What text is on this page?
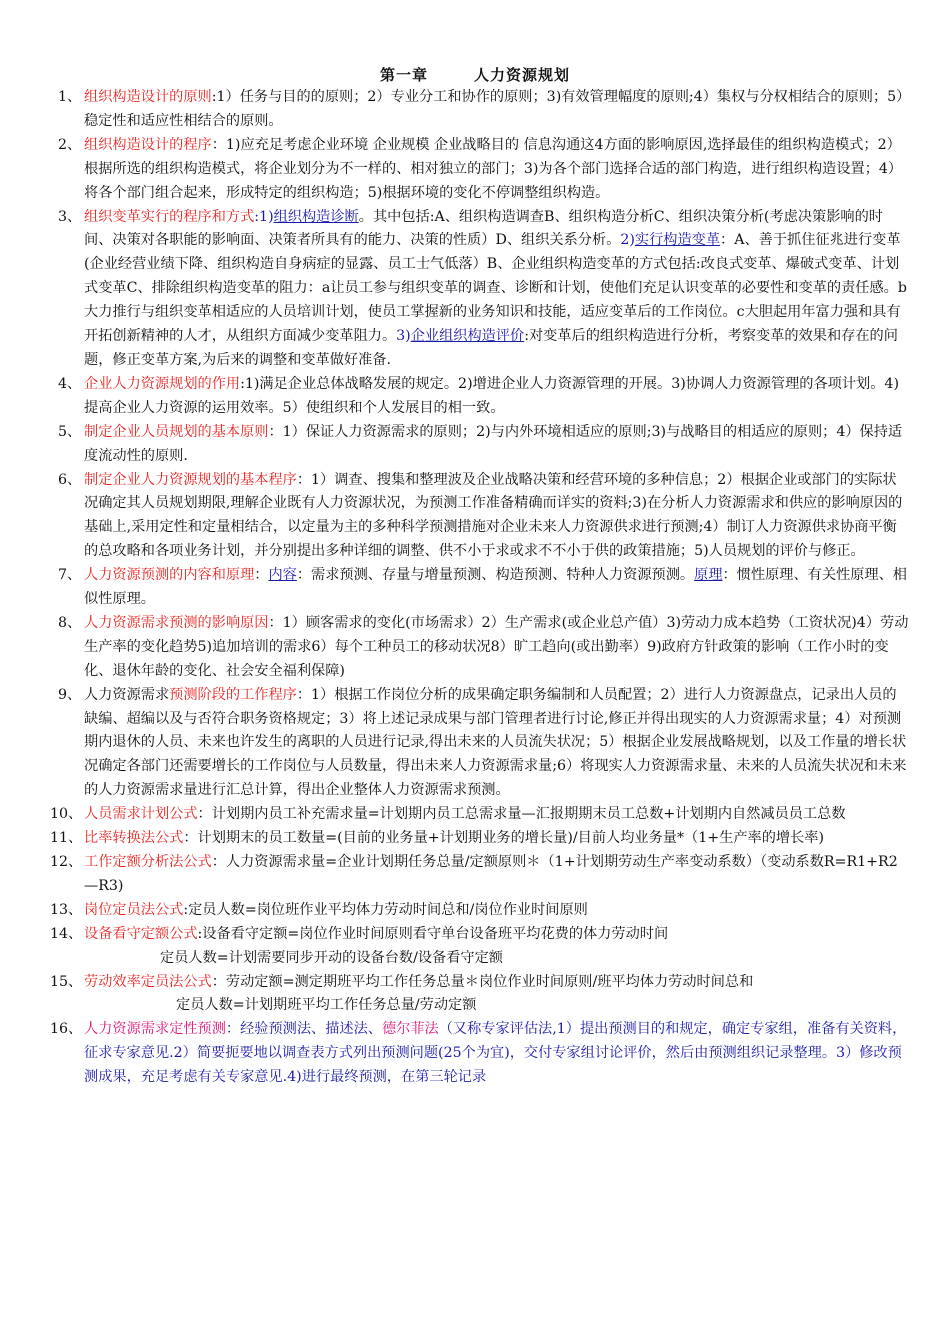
第一章	人力资源规划

1、 组织构造设计的原则:1）任务与目的的原则；2）专业分工和协作的原则；3)有效管理幅度的原则;4）集权与分权相结合的原则；5）稳定性和适应性相结合的原则。

2、 组织构造设计的程序：1)应充足考虑企业环境 企业规模 企业战略目的 信息沟通这4方面的影响原因,选择最佳的组织构造模式；2）根据所选的组织构造模式，将企业划分为不一样的、相对独立的部门；3)为各个部门选择合适的部门构造，进行组织构造设置；4）将各个部门组合起来，形成特定的组织构造；5)根据环境的变化不停调整组织构造。

3、 组织变革实行的程序和方式:1)组织构造诊断。其中包括:A、组织构造调查B、组织构造分析C、组织决策分析(考虑决策影响的时间、决策对各职能的影响面、决策者所具有的能力、决策的性质）D、组织关系分析。2)实行构造变革：A、善于抓住征兆进行变革(企业经营业绩下降、组织构造自身病症的显露、员工士气低落）B、企业组织构造变革的方式包括:改良式变革、爆破式变革、计划式变革C、排除组织构造变革的阻力：a让员工参与组织变革的调查、诊断和计划，使他们充足认识变革的必要性和变革的责任感。b大力推行与组织变革相适应的人员培训计划，使员工掌握新的业务知识和技能，适应变革后的工作岗位。c大胆起用年富力强和具有开拓创新精神的人才，从组织方面减少变革阻力。3)企业组织构造评价:对变革后的组织构造进行分析，考察变革的效果和存在的问题，修正变革方案,为后来的调整和变革做好准备.

4、 企业人力资源规划的作用:1)满足企业总体战略发展的规定。2)增进企业人力资源管理的开展。3)协调人力资源管理的各项计划。4)提高企业人力资源的运用效率。5）使组织和个人发展目的相一致。

5、 制定企业人员规划的基本原则：1）保证人力资源需求的原则；2)与内外环境相适应的原则;3)与战略目的相适应的原则；4）保持适度流动性的原则.

6、 制定企业人力资源规划的基本程序：1）调查、搜集和整理波及企业战略决策和经营环境的多种信息；2）根据企业或部门的实际状况确定其人员规划期限,理解企业既有人力资源状况，为预测工作准备精确而详实的资料;3)在分析人力资源需求和供应的影响原因的基础上,采用定性和定量相结合，以定量为主的多种科学预测措施对企业未来人力资源供求进行预测;4）制订人力资源供求协商平衡的总攻略和各项业务计划，并分别提出多种详细的调整、供不小于求或求不不小于供的政策措施；5)人员规划的评价与修正。

7、 人力资源预测的内容和原理：内容：需求预测、存量与增量预测、构造预测、特种人力资源预测。原理：惯性原理、有关性原理、相似性原理。

8、 人力资源需求预测的影响原因：1）顾客需求的变化(市场需求）2）生产需求(或企业总产值）3)劳动力成本趋势（工资状况)4）劳动生产率的变化趋势5)追加培训的需求6）每个工种员工的移动状况8）旷工趋向(或出勤率）9)政府方针政策的影响（工作小时的变化、退休年龄的变化、社会安全福利保障)

9、 人力资源需求预测阶段的工作程序：1）根据工作岗位分析的成果确定职务编制和人员配置；2）进行人力资源盘点，记录出人员的缺编、超编以及与否符合职务资格规定；3）将上述记录成果与部门管理者进行讨论,修正并得出现实的人力资源需求量；4）对预测期内退休的人员、未来也许发生的离职的人员进行记录,得出未来的人员流失状况；5）根据企业发展战略规划，以及工作量的增长状况确定各部门还需要增长的工作岗位与人员数量，得出未来人力资源需求量;6）将现实人力资源需求量、未来的人员流失状况和未来的人力资源需求量进行汇总计算，得出企业整体人力资源需求预测。

10、 人员需求计划公式：计划期内员工补充需求量=计划期内员工总需求量—汇报期期末员工总数+计划期内自然减员员工总数

11、 比率转换法公式：计划期末的员工数量=(目前的业务量+计划期业务的增长量)/目前人均业务量*（1+生产率的增长率)

12、 工作定额分析法公式：人力资源需求量=企业计划期任务总量/定额原则＊（1+计划期劳动生产率变动系数）（变动系数R=R1+R2—R3)

13、 岗位定员法公式:定员人数=岗位班作业平均体力劳动时间总和/岗位作业时间原则

14、 设备看守定额公式:设备看守定额=岗位作业时间原则看守单台设备班平均花费的体力劳动时间
定员人数=计划需要同步开动的设备台数/设备看守定额

15、 劳动效率定员法公式：劳动定额=测定期班平均工作任务总量＊岗位作业时间原则/班平均体力劳动时间总和
定员人数=计划期班平均工作任务总量/劳动定额

16、 人力资源需求定性预测：经验预测法、描述法、德尔菲法（又称专家评估法,1）提出预测目的和规定，确定专家组，准备有关资料，征求专家意见.2）简要扼要地以调查表方式列出预测问题(25个为宜)，交付专家组讨论评价，然后由预测组织记录整理。3）修改预测成果，充足考虑有关专家意见.4)进行最终预测，在第三轮记录
